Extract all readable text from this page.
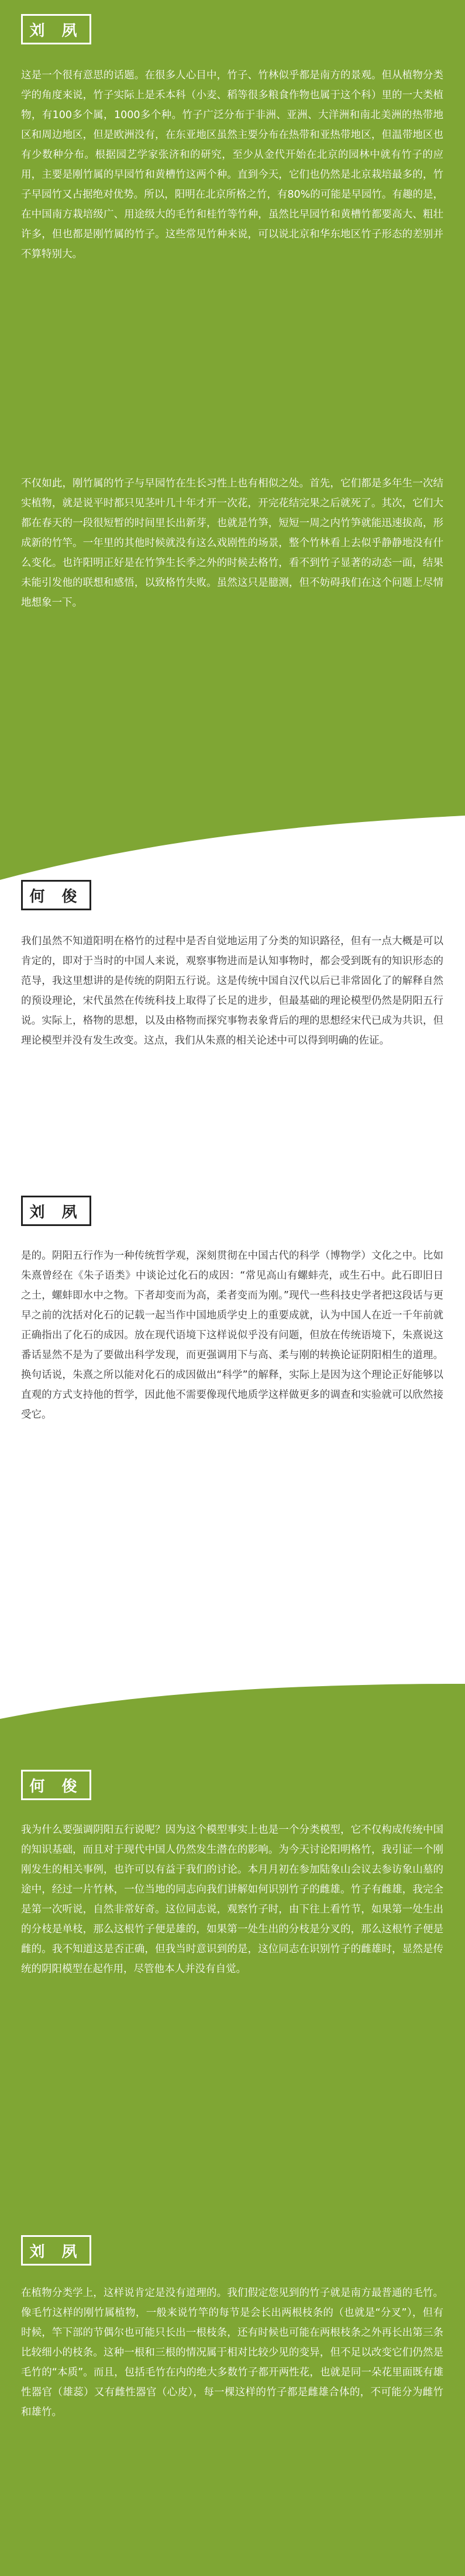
刘 夙

这是一个很有意思的话题。在很多人心目中，竹子、竹林似乎都是南方的景观。但从植物分类学的角度来说，竹子实际上是禾本科（小麦、稻等很多粮食作物也属于这个科）里的一大类植物，有100多个属，1000多个种。竹子广泛分布于非洲、亚洲、大洋洲和南北美洲的热带地区和周边地区，但是欧洲没有，在东亚地区虽然主要分布在热带和亚热带地区，但温带地区也有少数种分布。根据园艺学家张济和的研究，至少从金代开始在北京的园林中就有竹子的应用，主要是刚竹属的早园竹和黄槽竹这两个种。直到今天，它们也仍然是北京栽培最多的，竹子早园竹又占据绝对优势。所以，阳明在北京所格之竹，有80%的可能是早园竹。有趣的是，在中国南方栽培级广、用途级大的毛竹和桂竹等竹种，虽然比早园竹和黄槽竹都要高大、粗壮许多，但也都是刚竹属的竹子。这些常见竹种来说，可以说北京和华东地区竹子形态的差别并不算特别大。

不仅如此，刚竹属的竹子与早园竹在生长习性上也有相似之处。首先，它们都是多年生一次结实植物，就是说平时都只见茎叶几十年才开一次花，开完花结完果之后就死了。其次，它们大都在春天的一段很短暂的时间里长出新芽，也就是竹笋，短短一周之内竹笋就能迅速拔高，形成新的竹竿。一年里的其他时候就没有这么戏剧性的场景，整个竹林看上去似乎静静地没有什么变化。也许阳明正好是在竹笋生长季之外的时候去格竹，看不到竹子显著的动态一面，结果未能引发他的联想和感悟，以致格竹失败。虽然这只是臆测，但不妨碍我们在这个问题上尽情地想象一下。

何 俊

我们虽然不知道阳明在格竹的过程中是否自觉地运用了分类的知识路径，但有一点大概是可以肯定的，即对于当时的中国人来说，观察事物进而是认知事物时，都会受到既有的知识形态的范导，我这里想讲的是传统的阴阳五行说。这是传统中国自汉代以后已非常固化了的解释自然的预设理论，宋代虽然在传统科技上取得了长足的进步，但最基础的理论模型仍然是阴阳五行说。实际上，格物的思想，以及由格物而探究事物表象背后的理的思想经宋代已成为共识，但理论模型并没有发生改变。这点，我们从朱熹的相关论述中可以得到明确的佐证。

刘 夙

是的。阴阳五行作为一种传统哲学观，深刻贯彻在中国古代的科学（博物学）文化之中。比如朱熹曾经在《朱子语类》中谈论过化石的成因：“常见高山有螺蚌壳，或生石中。此石即旧日之土，螺蚌即水中之物。下者却变而为高，柔者变而为刚。”现代一些科技史学者把这段话与更早之前的沈括对化石的记载一起当作中国地质学史上的重要成就，认为中国人在近一千年前就正确指出了化石的成因。放在现代语境下这样说似乎没有问题，但放在传统语境下，朱熹说这番话显然不是为了要做出科学发现，而更强调用下与高、柔与刚的转换论证阴阳相生的道理。换句话说，朱熹之所以能对化石的成因做出“科学”的解释，实际上是因为这个理论正好能够以直观的方式支持他的哲学，因此他不需要像现代地质学这样做更多的调查和实验就可以欣然接受它。

何 俊

我为什么要强调阴阳五行说呢？因为这个模型事实上也是一个分类模型，它不仅构成传统中国的知识基础，而且对于现代中国人仍然发生潜在的影响。为今天讨论阳明格竹，我引证一个刚刚发生的相关事例，也许可以有益于我们的讨论。本月月初在参加陆象山会议去参访象山墓的途中，经过一片竹林，一位当地的同志向我们讲解如何识别竹子的雌雄。竹子有雌雄，我完全是第一次听说，自然非常好奇。这位同志说，观察竹子时，由下往上看竹节，如果第一处生出的分枝是单枝，那么这根竹子便是雄的，如果第一处生出的分枝是分叉的，那么这根竹子便是雌的。我不知道这是否正确，但我当时意识到的是，这位同志在识别竹子的雌雄时，显然是传统的阴阳模型在起作用，尽管他本人并没有自觉。

刘 夙

在植物分类学上，这样说肯定是没有道理的。我们假定您见到的竹子就是南方最普通的毛竹。像毛竹这样的刚竹属植物，一般来说竹竿的每节是会长出两根枝条的（也就是“分叉”），但有时候，竿下部的节偶尔也可能只长出一根枝条，还有时候也可能在两根枝条之外再长出第三条比较细小的枝条。这种一根和三根的情况属于相对比较少见的变异，但不足以改变它们仍然是毛竹的“本质”。而且，包括毛竹在内的绝大多数竹子都开两性花，也就是同一朵花里面既有雄性器官（雄蕊）又有雌性器官（心皮），每一棵这样的竹子都是雌雄合体的，不可能分为雌竹和雄竹。
